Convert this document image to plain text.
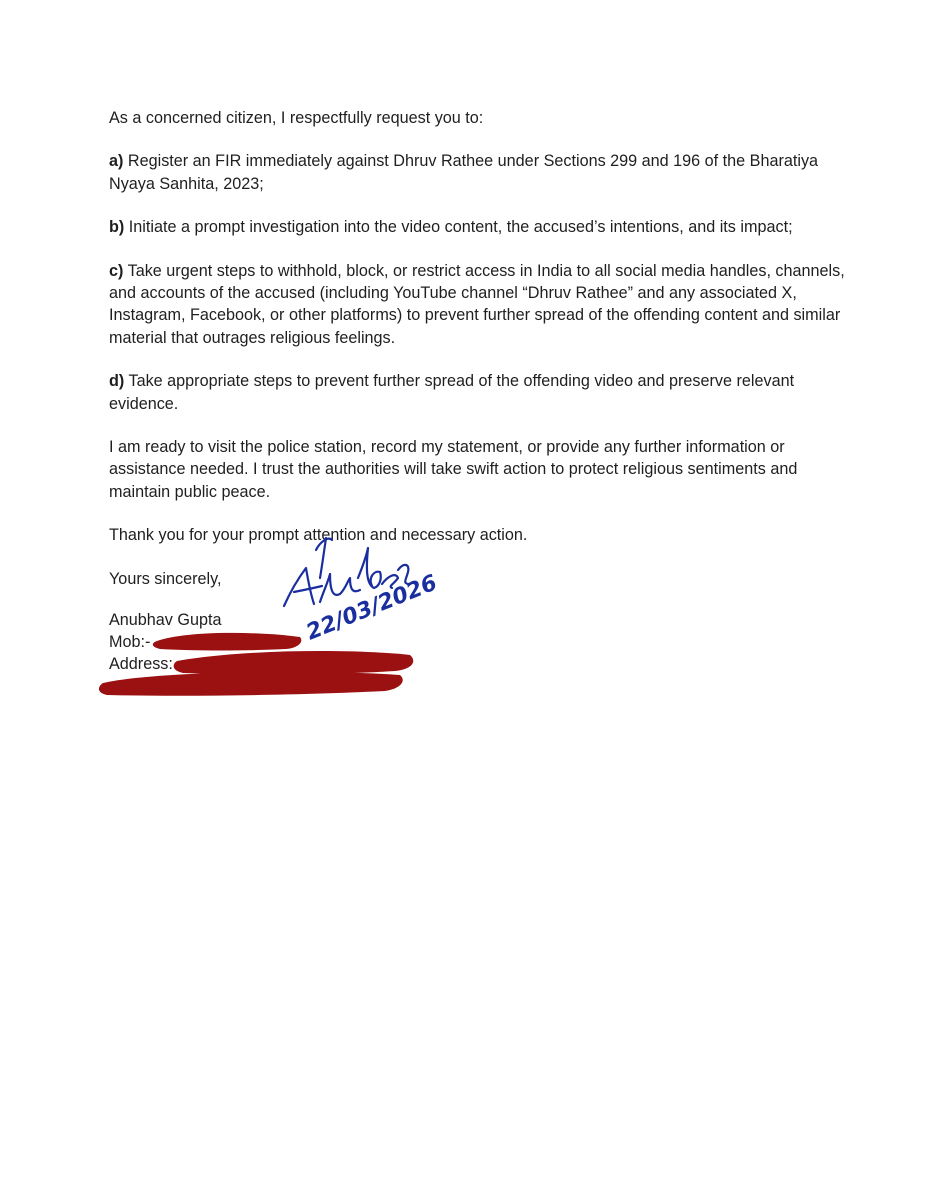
As a concerned citizen, I respectfully request you to:

a) Register an FIR immediately against Dhruv Rathee under Sections 299 and 196 of the Bharatiya Nyaya Sanhita, 2023;

b) Initiate a prompt investigation into the video content, the accused’s intentions, and its impact;

c) Take urgent steps to withhold, block, or restrict access in India to all social media handles, channels, and accounts of the accused (including YouTube channel “Dhruv Rathee” and any associated X, Instagram, Facebook, or other platforms) to prevent further spread of the offending content and similar material that outrages religious feelings.

d) Take appropriate steps to prevent further spread of the offending video and preserve relevant evidence.

I am ready to visit the police station, record my statement, or provide any further information or assistance needed. I trust the authorities will take swift action to protect religious sentiments and maintain public peace.

Thank you for your prompt attention and necessary action.

Yours sincerely,

Anubhav Gupta
Mob:-
Address:
22/03/2026
